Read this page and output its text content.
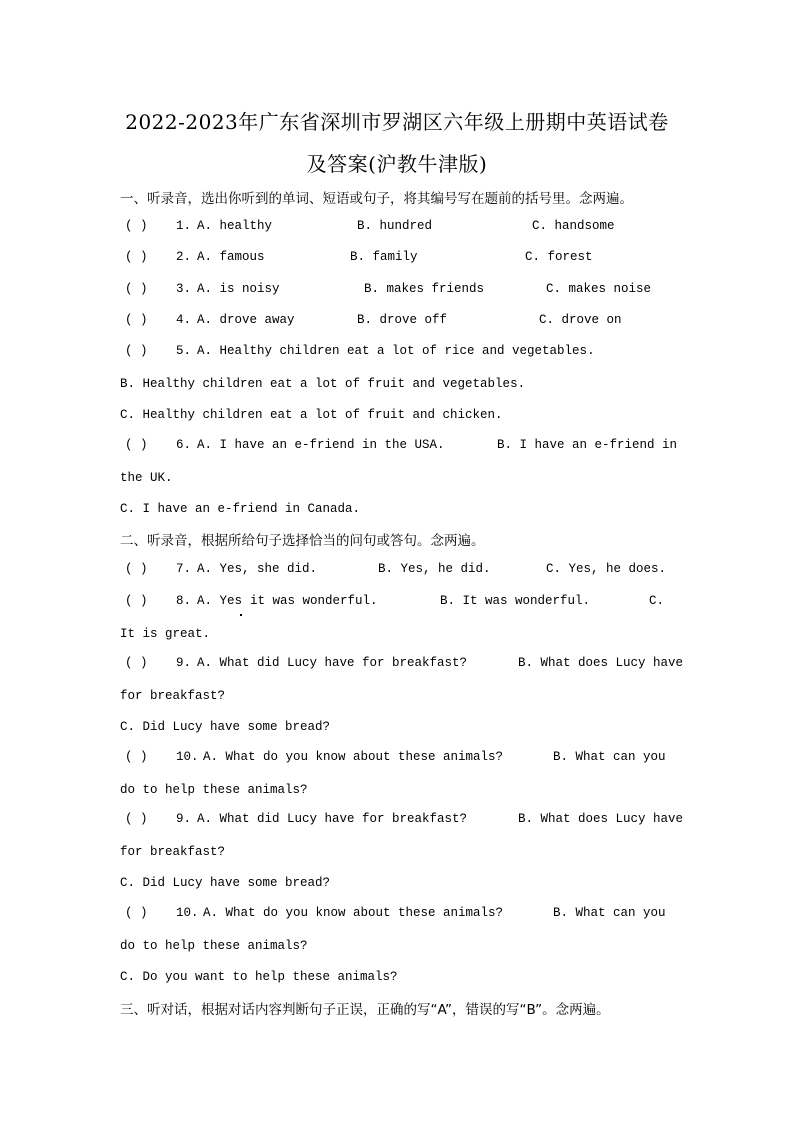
2022-2023年广东省深圳市罗湖区六年级上册期中英语试卷
及答案(沪教牛津版)
一、听录音，选出你听到的单词、短语或句子，将其编号写在题前的括号里。念两遍。
( ) 1. A. healthy	B. hundred	C. handsome
( ) 2. A. famous	B. family	C. forest
( ) 3. A. is noisy	B. makes friends	C. makes noise
( ) 4. A. drove away	B. drove off	C. drove on
( ) 5. A. Healthy children eat a lot of rice and vegetables.
B. Healthy children eat a lot of fruit and vegetables.
C. Healthy children eat a lot of fruit and chicken.
( ) 6. A. I have an e-friend in the USA.	B. I have an e-friend in
the UK.
C. I have an e-friend in Canada.
二、听录音，根据所给句子选择恰当的问句或答句。念两遍。
( ) 7. A. Yes, she did.	B. Yes, he did.	C. Yes, he does.
( ) 8. A. Yes it was wonderful.	B. It was wonderful.	C.
It is great.
( ) 9. A. What did Lucy have for breakfast?	B. What does Lucy have
for breakfast?
C. Did Lucy have some bread?
( ) 10. A. What do you know about these animals?	B. What can you
do to help these animals?
( ) 9. A. What did Lucy have for breakfast?	B. What does Lucy have
for breakfast?
C. Did Lucy have some bread?
( ) 10. A. What do you know about these animals?	B. What can you
do to help these animals?
C. Do you want to help these animals?
三、听对话，根据对话内容判断句子正误，正确的写“A”，错误的写“B”。念两遍。
